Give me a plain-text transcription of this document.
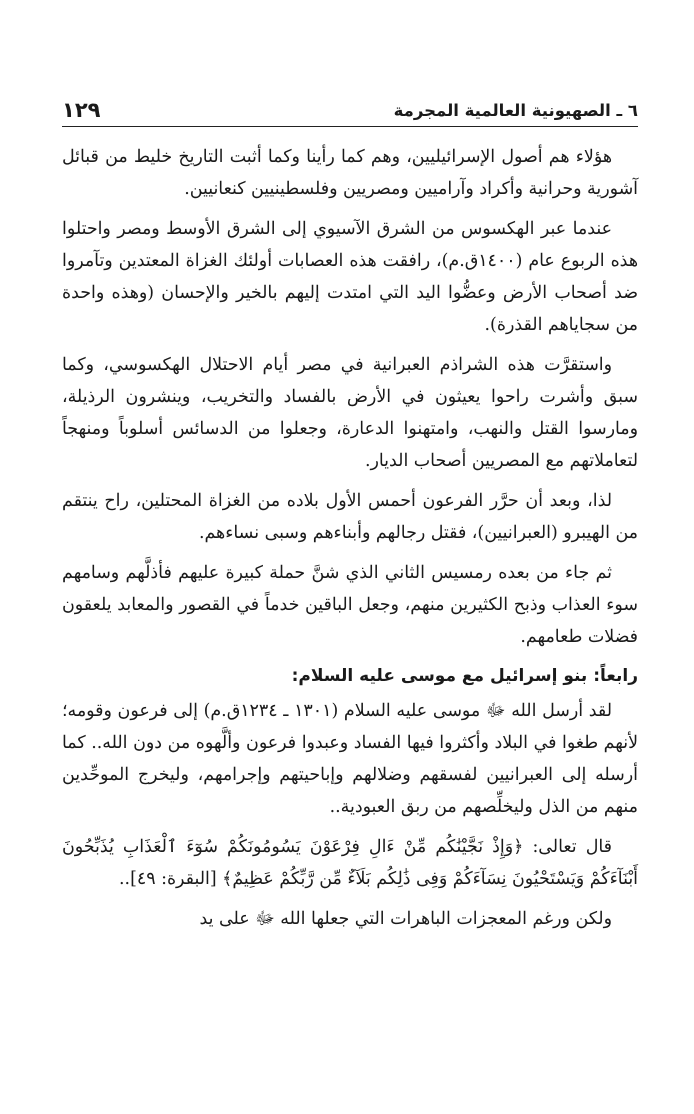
٦ ـ الصهيونية العالمية المجرمة
١٢٩

هؤلاء هم أصول الإسرائيليين، وهم كما رأينا وكما أثبت التاريخ خليط من قبائل آشورية وحرانية وأكراد وآراميين ومصريين وفلسطينيين كنعانيين.

عندما عبر الهكسوس من الشرق الآسيوي إلى الشرق الأوسط ومصر واحتلوا هذه الربوع عام (١٤٠٠ق.م)، رافقت هذه العصابات أولئك الغزاة المعتدين وتآمروا ضد أصحاب الأرض وعضُّوا اليد التي امتدت إليهم بالخير والإحسان (وهذه واحدة من سجاياهم القذرة).

واستقرَّت هذه الشراذم العبرانية في مصر أيام الاحتلال الهكسوسي، وكما سبق وأشرت راحوا يعيثون في الأرض بالفساد والتخريب، وينشرون الرذيلة، ومارسوا القتل والنهب، وامتهنوا الدعارة، وجعلوا من الدسائس أسلوباً ومنهجاً لتعاملاتهم مع المصريين أصحاب الديار.

لذا، وبعد أن حرَّر الفرعون أحمس الأول بلاده من الغزاة المحتلين، راح ينتقم من الهيبرو (العبرانيين)، فقتل رجالهم وأبناءهم وسبى نساءهم.

ثم جاء من بعده رمسيس الثاني الذي شنَّ حملة كبيرة عليهم فأذلَّهم وسامهم سوء العذاب وذبح الكثيرين منهم، وجعل الباقين خدماً في القصور والمعابد يلعقون فضلات طعامهم.

رابعاً: بنو إسرائيل مع موسى عليه السلام:

لقد أرسل الله ﷻ موسى عليه السلام (١٣٠١ ـ ١٢٣٤ق.م) إلى فرعون وقومه؛ لأنهم طغوا في البلاد وأكثروا فيها الفساد وعبدوا فرعون وألَّهوه من دون الله.. كما أرسله إلى العبرانيين لفسقهم وضلالهم وإباحيتهم وإجرامهم، وليخرج الموحِّدين منهم من الذل وليخلِّصهم من ربق العبودية..

قال تعالى: ﴿وَإِذْ نَجَّيْنَٰكُم مِّنْ ءَالِ فِرْعَوْنَ يَسُومُونَكُمْ سُوٓءَ ٱلْعَذَابِ يُذَبِّحُونَ أَبْنَآءَكُمْ وَيَسْتَحْيُونَ نِسَآءَكُمْ وَفِى ذَٰلِكُم بَلَآءٌ مِّن رَّبِّكُمْ عَظِيمٌ﴾ [البقرة: ٤٩]..

ولكن ورغم المعجزات الباهرات التي جعلها الله ﷻ على يد
